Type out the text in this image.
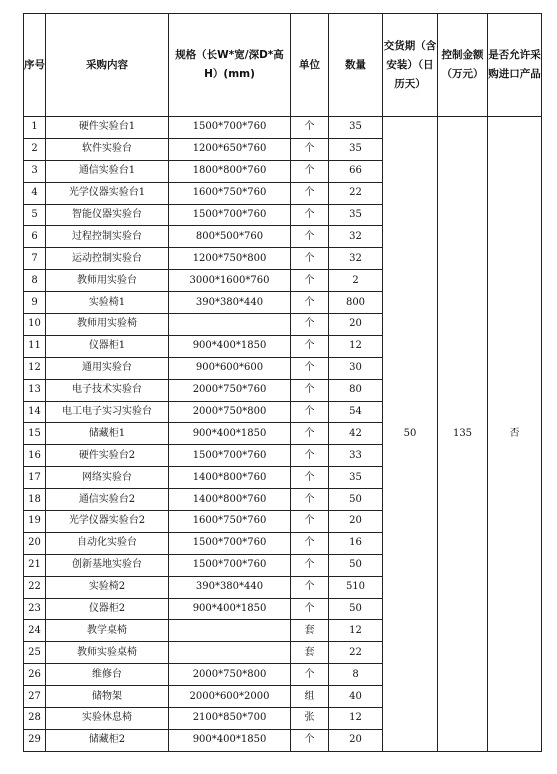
序号	采购内容	规格（长W*宽/深D*高H）(mm)	单位	数量	交货期（含安装）（日历天）	控制金额（万元）	是否允许采购进口产品
1	硬件实验台1	1500*700*760	个	35	50	135	否
2	软件实验台	1200*650*760	个	35			
3	通信实验台1	1800*800*760	个	66			
4	光学仪器实验台1	1600*750*760	个	22			
5	智能仪器实验台	1500*700*760	个	35			
6	过程控制实验台	800*500*760	个	32			
7	运动控制实验台	1200*750*800	个	32			
8	教师用实验台	3000*1600*760	个	2			
9	实验椅1	390*380*440	个	800			
10	教师用实验椅		个	20			
11	仪器柜1	900*400*1850	个	12			
12	通用实验台	900*600*600	个	30			
13	电子技术实验台	2000*750*760	个	80			
14	电工电子实习实验台	2000*750*800	个	54			
15	储藏柜1	900*400*1850	个	42			
16	硬件实验台2	1500*700*760	个	33			
17	网络实验台	1400*800*760	个	35			
18	通信实验台2	1400*800*760	个	50			
19	光学仪器实验台2	1600*750*760	个	20			
20	自动化实验台	1500*700*760	个	16			
21	创新基地实验台	1500*700*760	个	50			
22	实验椅2	390*380*440	个	510			
23	仪器柜2	900*400*1850	个	50			
24	教学桌椅		套	12			
25	教师实验桌椅		套	22			
26	维修台	2000*750*800	个	8			
27	储物架	2000*600*2000	组	40			
28	实验休息椅	2100*850*700	张	12			
29	储藏柜2	900*400*1850	个	20			
